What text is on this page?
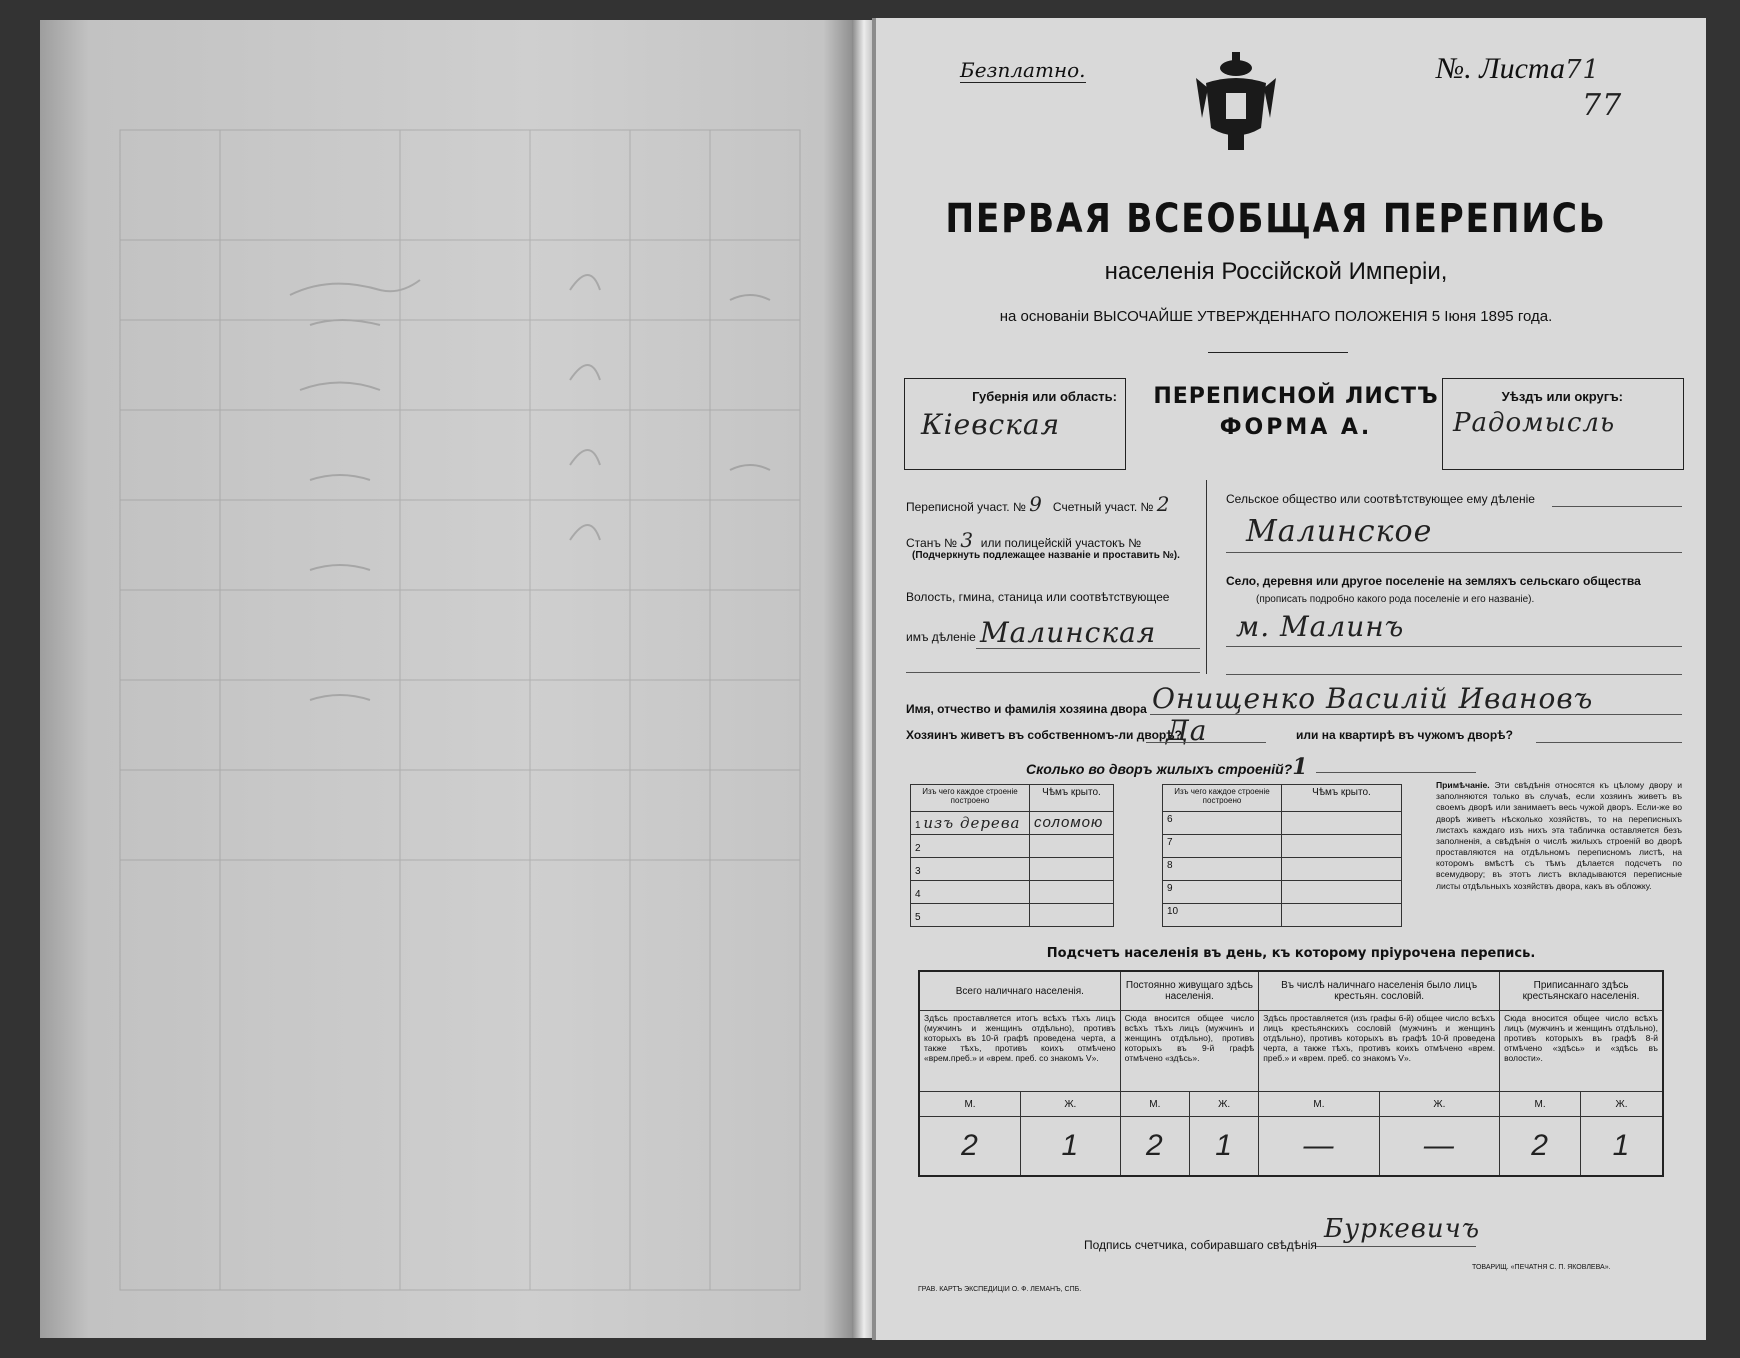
Безплатно.	№. Листа71
77
ПЕРВАЯ ВСЕОБЩАЯ ПЕРЕПИСЬ
населенія Россійской Имперіи,
на основаніи ВЫСОЧАЙШЕ УТВЕРЖДЕННАГО ПОЛОЖЕНІЯ 5 Іюня 1895 года.
Губернія или область:
Кіевская
ПЕРЕПИСНОЙ ЛИСТЪ
ФОРМА А.
Уѣздъ или округъ:
Радомысль
Переписной участ. № 9 Счетный участ. № 2
Станъ № 3 или полицейскій участокъ №
(Подчеркнуть подлежащее названіе и проставить №).
Волость, гмина, станица или соотвѣтствующее
имъ дѣленіе Малинская
Сельское общество или соотвѣтствующее ему дѣленіе
Малинское
Село, деревня или другое поселеніе на земляхъ сельскаго общества
(прописать подробно какого рода поселеніе и его названіе).
м. Малинъ
Имя, отчество и фамилія хозяина двора Онищенко Василій Ивановъ
Хозяинъ живетъ въ собственномъ-ли дворѣ?
Да	или на квартирѣ въ чужомъ дворѣ?
Сколько во дворъ жилыхъ строеній?1
Изъ чего каждое строеніе построено	Чѣмъ крыто.
1 изъ дерева	соломою
2	
3	
4	
5	
Изъ чего каждое строеніе построено	Чѣмъ крыто.
6	
7	
8	
9	
10	
Примѣчаніе. Эти свѣдѣнія относятся къ цѣлому двору и заполняются только въ случаѣ, если хозяинъ живетъ въ своемъ дворѣ или занимаетъ весь чужой дворъ. Если-же во дворѣ живетъ нѣсколько хозяйствъ, то на переписныхъ листахъ каждаго изъ нихъ эта табличка оставляется безъ заполненія, а свѣдѣнія о числѣ жилыхъ строеній во дворѣ проставляются на отдѣльномъ переписномъ листѣ, на которомъ вмѣстѣ съ тѣмъ дѣлается подсчетъ по всемудвору; въ этотъ листъ вкладываются переписные листы отдѣльныхъ хозяйствъ двора, какъ въ обложку.
Подсчетъ населенія въ день, къ которому пріурочена перепись.
Всего наличнаго населенія.		Постоянно живущаго здѣсь населенія.		Въ числѣ наличнаго населенія было лицъ крестьян. сословій.		Приписаннаго здѣсь крестьянскаго населенія.	
Здѣсь проставляется итогъ всѣхъ тѣхъ лицъ (мужчинъ и женщинъ отдѣльно), противъ которыхъ въ 10-й графѣ проведена черта, а также тѣхъ, противъ коихъ отмѣчено «врем.преб.» и «врем. преб. со знакомъ V».		Сюда вносится общее число всѣхъ тѣхъ лицъ (мужчинъ и женщинъ отдѣльно), противъ которыхъ въ 9-й графѣ отмѣчено «здѣсь».		Здѣсь проставляется (изъ графы 6-й) общее число всѣхъ лицъ крестьянскихъ сословій (мужчинъ и женщинъ отдѣльно), противъ которыхъ въ графѣ 10-й проведена черта, а также тѣхъ, противъ коихъ отмѣчено «врем. преб.» и «врем. преб. со знакомъ V».		Сюда вносится общее число всѣхъ лицъ (мужчинъ и женщинъ отдѣльно), противъ которыхъ въ графѣ 8-й отмѣчено «здѣсь» и «здѣсь въ волости».	
М.	Ж.	М.	Ж.	М.	Ж.	М.	Ж.
2	1	2	1	—	—	2	1
Подпись счетчика, собиравшаго свѣдѣнія
Буркевичъ
ГРАВ. КАРТЪ ЭКСПЕДИЦІИ О. Ф. ЛЕМАНЪ, СПБ.
ТОВАРИЩ. «ПЕЧАТНЯ С. П. ЯКОВЛЕВА».
